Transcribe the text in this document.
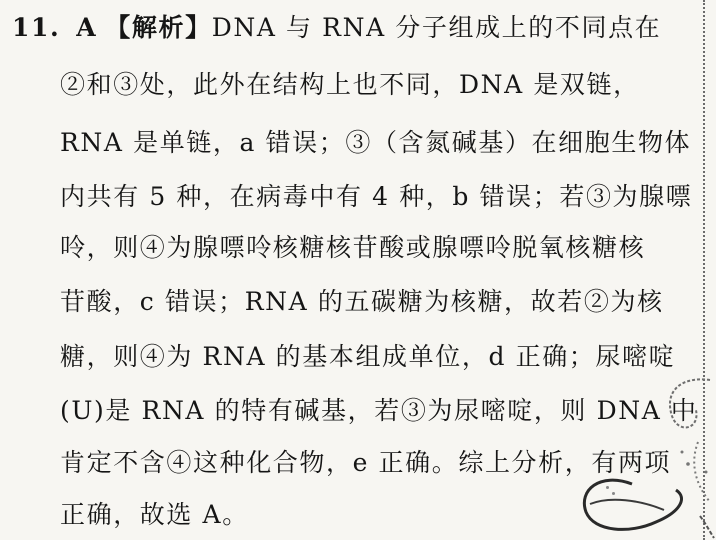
11. A 【解析】DNA 与 RNA 分子组成上的不同点在
②和③处，此外在结构上也不同，DNA 是双链，
RNA 是单链，a 错误；③（含氮碱基）在细胞生物体
内共有 5 种，在病毒中有 4 种，b 错误；若③为腺嘌
呤，则④为腺嘌呤核糖核苷酸或腺嘌呤脱氧核糖核
苷酸，c 错误；RNA 的五碳糖为核糖，故若②为核
糖，则④为 RNA 的基本组成单位，d 正确；尿嘧啶
(U)是 RNA 的特有碱基，若③为尿嘧啶，则 DNA 中
肯定不含④这种化合物，e 正确。综上分析，有两项
正确，故选 A。
